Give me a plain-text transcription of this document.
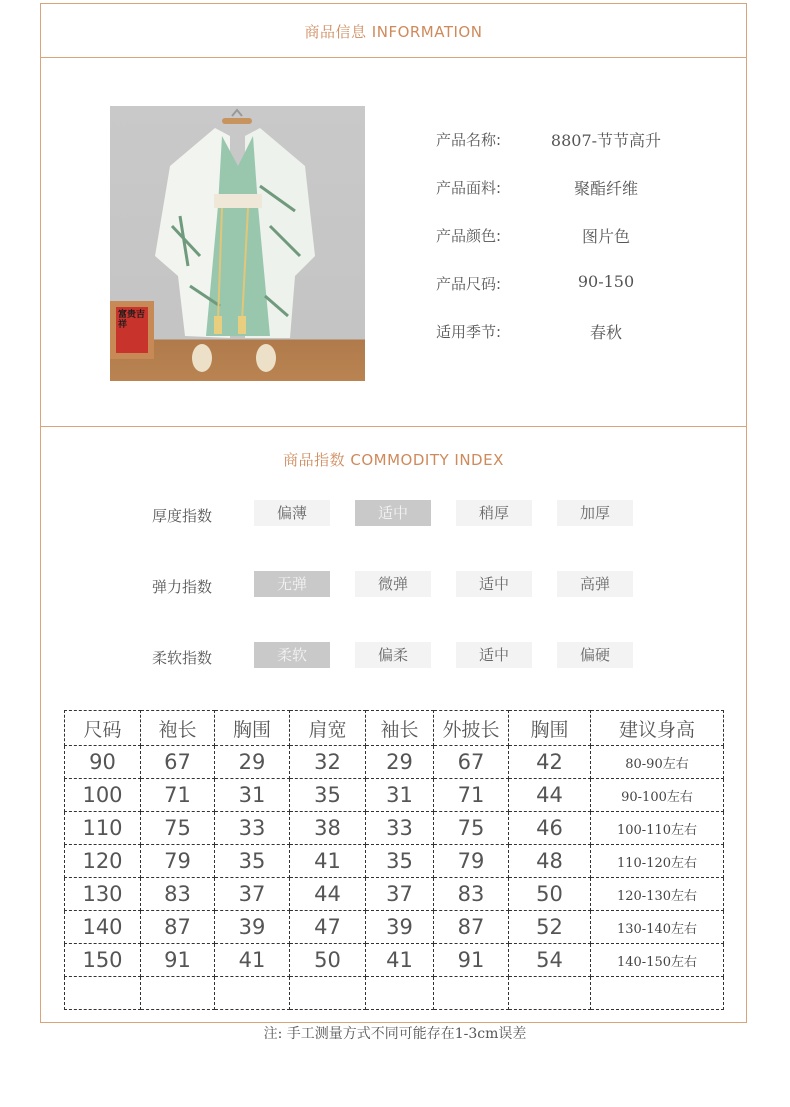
商品信息 INFORMATION
富贵吉祥
产品名称:	8807-节节高升
产品面料:	聚酯纤维
产品颜色:	图片色
产品尺码:	90-150
适用季节:	春秋
商品指数 COMMODITY INDEX
厚度指数	偏薄	适中	稍厚	加厚
弹力指数	无弹	微弹	适中	高弹
柔软指数	柔软	偏柔	适中	偏硬
尺码	袍长	胸围	肩宽	袖长	外披长	胸围	建议身高
90	67	29	32	29	67	42	80-90左右
100	71	31	35	31	71	44	90-100左右
110	75	33	38	33	75	46	100-110左右
120	79	35	41	35	79	48	110-120左右
130	83	37	44	37	83	50	120-130左右
140	87	39	47	39	87	52	130-140左右
150	91	41	50	41	91	54	140-150左右

注: 手工测量方式不同可能存在1-3cm误差
